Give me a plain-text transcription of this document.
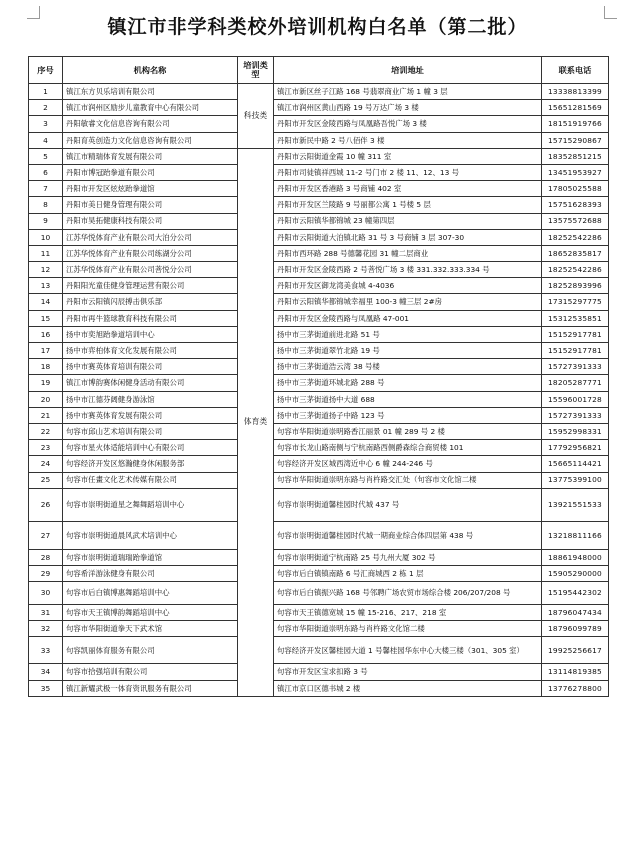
镇江市非学科类校外培训机构白名单（第二批）
序号	机构名称	培训类型	培训地址	联系电话
1	镇江东方贝乐培训有限公司	科技类	镇江市新区丝子江路 168 号翡翠商业广场 1 幢 3 层	13338813399
2	镇江市润州区励步儿童教育中心有限公司		镇江市润州区黄山西路 19 号万达广场 3 楼	15651281569
3	丹阳敏睿文化信息咨询有限公司		丹阳市开发区金陵西路与凤凰路吾悦广场 3 楼	18151919766
4	丹阳育英创造力文化信息咨询有限公司		丹阳市新民中路 2 号八佰伴 3 楼	15715290867
5	镇江市精瑞体育发展有限公司	体育类	丹阳市云阳街道金霞 10 幢 311 室	18352851215
6	丹阳市博冠跆拳道有限公司		丹阳市司徒镇祥西城 11-2 号门市 2 楼 11、12、13 号	13451953927
7	丹阳市开发区炫炫跆拳道馆		丹阳市开发区香港路 3 号商铺 402 室	17805025588
8	丹阳市美日健身管理有限公司		丹阳市开发区兰陵路 9 号丽都公寓 1 号楼 5 层	15751628393
9	丹阳市昊拓健康科技有限公司		丹阳市云阳镇华都锦城 23 幢第四层	13575572688
10	江苏华悦体育产业有限公司大泊分公司		丹阳市云阳街道大泊镇北路 31 号 3 号商铺 3 层 307-30	18252542286
11	江苏华悦体育产业有限公司练湖分公司		丹阳市西环路 288 号德馨花园 31 幢二层商业	18652835817
12	江苏华悦体育产业有限公司菩悦分公司		丹阳市开发区金陵西路 2 号菩悦广场 3 楼 331.332.333.334 号	18252542286
13	丹阳阳光童佳健身管理运营有限公司		丹阳市开发区御龙湾美食城 4-4036	18252893996
14	丹阳市云阳镇闪辰搏击俱乐部		丹阳市云阳镇华都锦城幸福里 100-3 幢三层 2#房	17315297775
15	丹阳市再牛篮球教育科技有限公司		丹阳市开发区金陵西路与凤凰路 47-001	15312535851
16	扬中市奕旭跆拳道培训中心		扬中市三茅街道前进北路 51 号	15152917781
17	扬中市弈柏体育文化发展有限公司		扬中市三茅街道翠竹北路 19 号	15152917781
18	扬中市赛英体育培训有限公司		扬中市三茅街道浩云湾 38 号楼	15727391333
19	镇江市博韵赛体闲健身活动有限公司		扬中市三茅街道环城北路 288 号	18205287771
20	扬中市江德芬阔健身游泳馆		扬中市三茅街道扬中大道 688	15596001728
21	扬中市赛英体育发展有限公司		扬中市三茅街道扬子中路 123 号	15727391333
22	句容市邱山艺术培训有限公司		句容市华阳街道崇明路香江丽景 01 幢 289 号 2 楼	15952998331
23	句容市星火体适能培训中心有限公司		句容市长龙山路南侧与宁杭南路西侧爵森综合商贸楼 101	17792956821
24	句容经济开发区悠瀚健身休闲服务部		句容经济开发区城西湾近中心 6 幢 244-246 号	15665114421
25	句容市任畫文化艺术传媒有限公司		句容市华阳街道崇明东路与肖杵路交汇处（句容市文化馆二楼	13775399100
26	句容市崇明街道星之舞舞蹈培训中心		句容市崇明街道馨桂园时代城 437 号	13921551533
27	句容市崇明街道晨风武术培训中心		句容市崇明街道馨桂园时代城一期商业综合体四层第 438 号	13218811166
28	句容市崇明街道瑞瑞跆拳道馆		句容市崇明街道宁杭南路 25 号九州大厦 302 号	18861948000
29	句容希洋游泳健身有限公司		句容市后白镇镇南路 6 号汇商城西 2 栋 1 层	15905290000
30	句容市后白镇博惠舞蹈培训中心		句容市后白镇振兴路 168 号邻聘广场农贸市场综合楼 206/207/208 号	15195442302
31	句容市天王镇博韵舞蹈培训中心		句容市天王镇德宽城 15 幢 15-216、217、218 室	18796047434
32	句容市华阳街道拳天下武术馆		句容市华阳街道崇明东路与肖杵路文化馆二楼	18796099789
33	句容凯丽体育服务有限公司		句容经济开发区馨桂园大道 1 号馨桂园华东中心大楼三楼（301、305 室）	19925256617
34	句容市拾强培训有限公司		句容市开发区宝求扣路 3 号	13114819385
35	镇江新耀武极一体育资讯服务有限公司		镇江市京口区德书城 2 楼	13776278800
